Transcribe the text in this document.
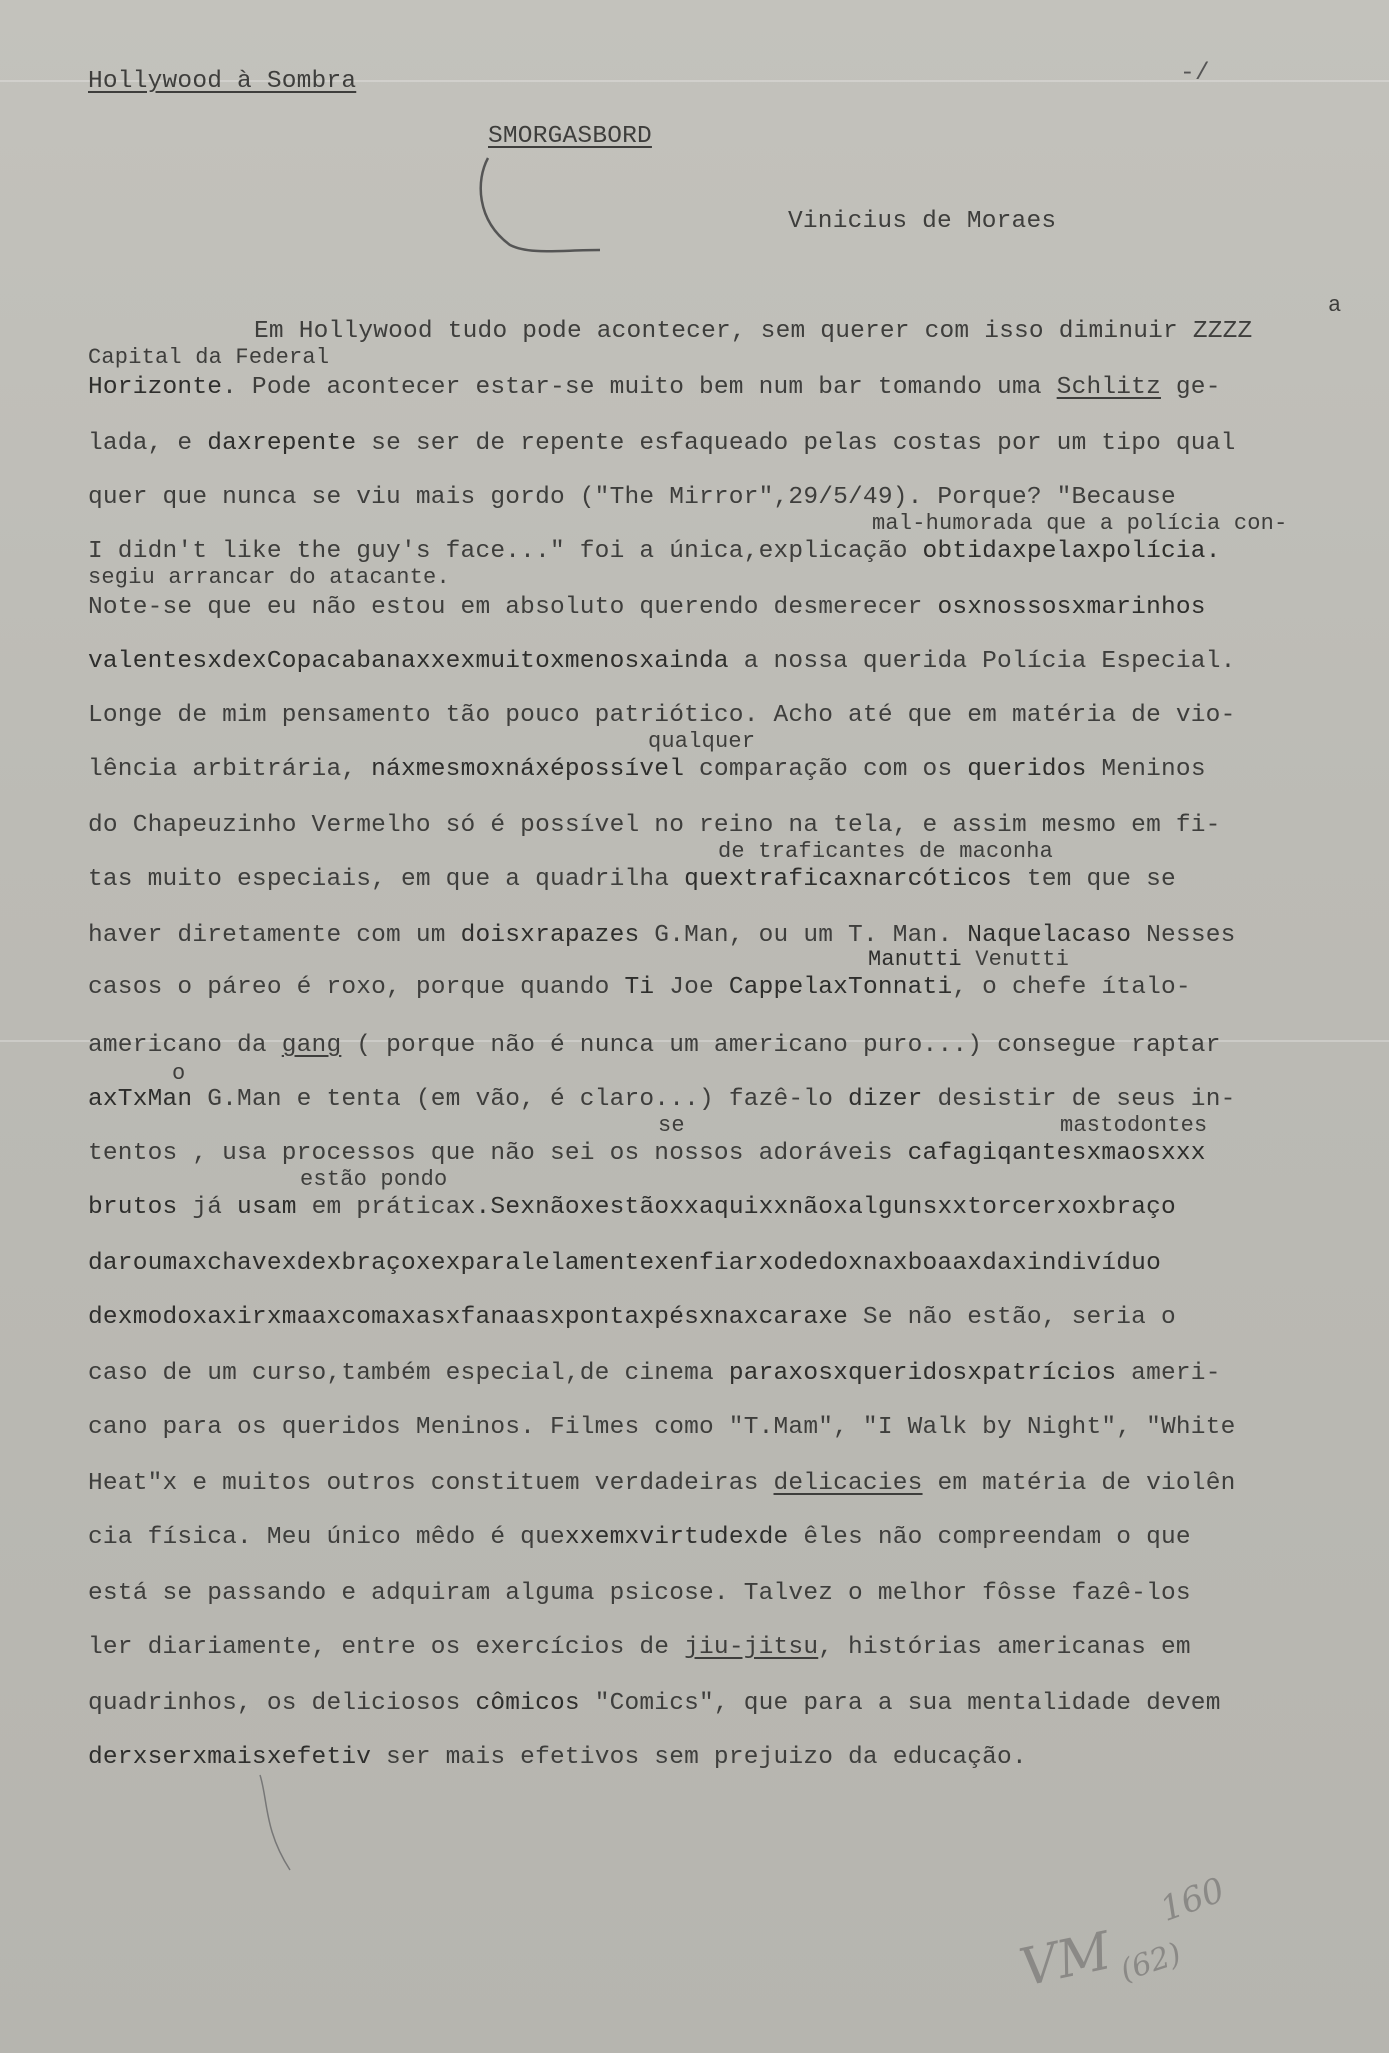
Hollywood à Sombra	-/
SMORGASBORD
Vinicius de Moraes
a
Em Hollywood tudo pode acontecer, sem querer com isso diminuir ZZZZ
Capital da Federal
Horizonte. Pode acontecer estar-se muito bem num bar tomando uma Schlitz ge-
lada, e daxrepente se ser de repente esfaqueado pelas costas por um tipo qual
quer que nunca se viu mais gordo ("The Mirror",29/5/49). Porque? "Because
mal-humorada que a polícia con-
I didn't like the guy's face..." foi a única,explicação obtidaxpelaxpolícia.
segiu arrancar do atacante.
Note-se que eu não estou em absoluto querendo desmerecer osxnossosxmarinhos
valentesxdexCopacabanaxxexmuitoxmenosxainda a nossa querida Polícia Especial.
Longe de mim pensamento tão pouco patriótico. Acho até que em matéria de vio-
qualquer
lência arbitrária, náxmesmoxnáxépossível comparação com os queridos Meninos
do Chapeuzinho Vermelho só é possível no reino na tela, e assim mesmo em fi-
de traficantes de maconha
tas muito especiais, em que a quadrilha quextraficaxnarcóticos tem que se
haver diretamente com um doisxrapazes G.Man, ou um T. Man. Naquelacaso Nesses
Manutti Venutti
casos o páreo é roxo, porque quando Ti Joe CappelaxTonnati, o chefe ítalo-
americano da gang ( porque não é nunca um americano puro...) consegue raptar
o
axTxMan G.Man e tenta (em vão, é claro...) fazê-lo dizer desistir de seus in-
se	mastodontes
tentos , usa processos que não sei os nossos adoráveis cafagiqantesxmaosxxx
estão pondo
brutos já usam em práticax.Sexnãoxestãoxxaquixxnãoxalgunsxxtorcerxoxbraço
daroumaxchavexdexbraçoxexparalelamentexenfiarxodedoxnaxboaaxdaxindivíduo
dexmodoxaxirxmaaxcomaxasxfanaasxpontaxpésxnaxcaraxe Se não estão, seria o
caso de um curso,também especial,de cinema paraxosxqueridosxpatrícios ameri-
cano para os queridos Meninos. Filmes como "T.Mam", "I Walk by Night", "White
Heat"x e muitos outros constituem verdadeiras delicacies em matéria de violên
cia física. Meu único mêdo é quexxemxvirtudexde êles não compreendam o que
está se passando e adquiram alguma psicose. Talvez o melhor fôsse fazê-los
ler diariamente, entre os exercícios de jiu-jitsu, histórias americanas em
quadrinhos, os deliciosos cômicos "Comics", que para a sua mentalidade devem
derxserxmaisxefetiv ser mais efetivos sem prejuizo da educação.
160
VM (62)
